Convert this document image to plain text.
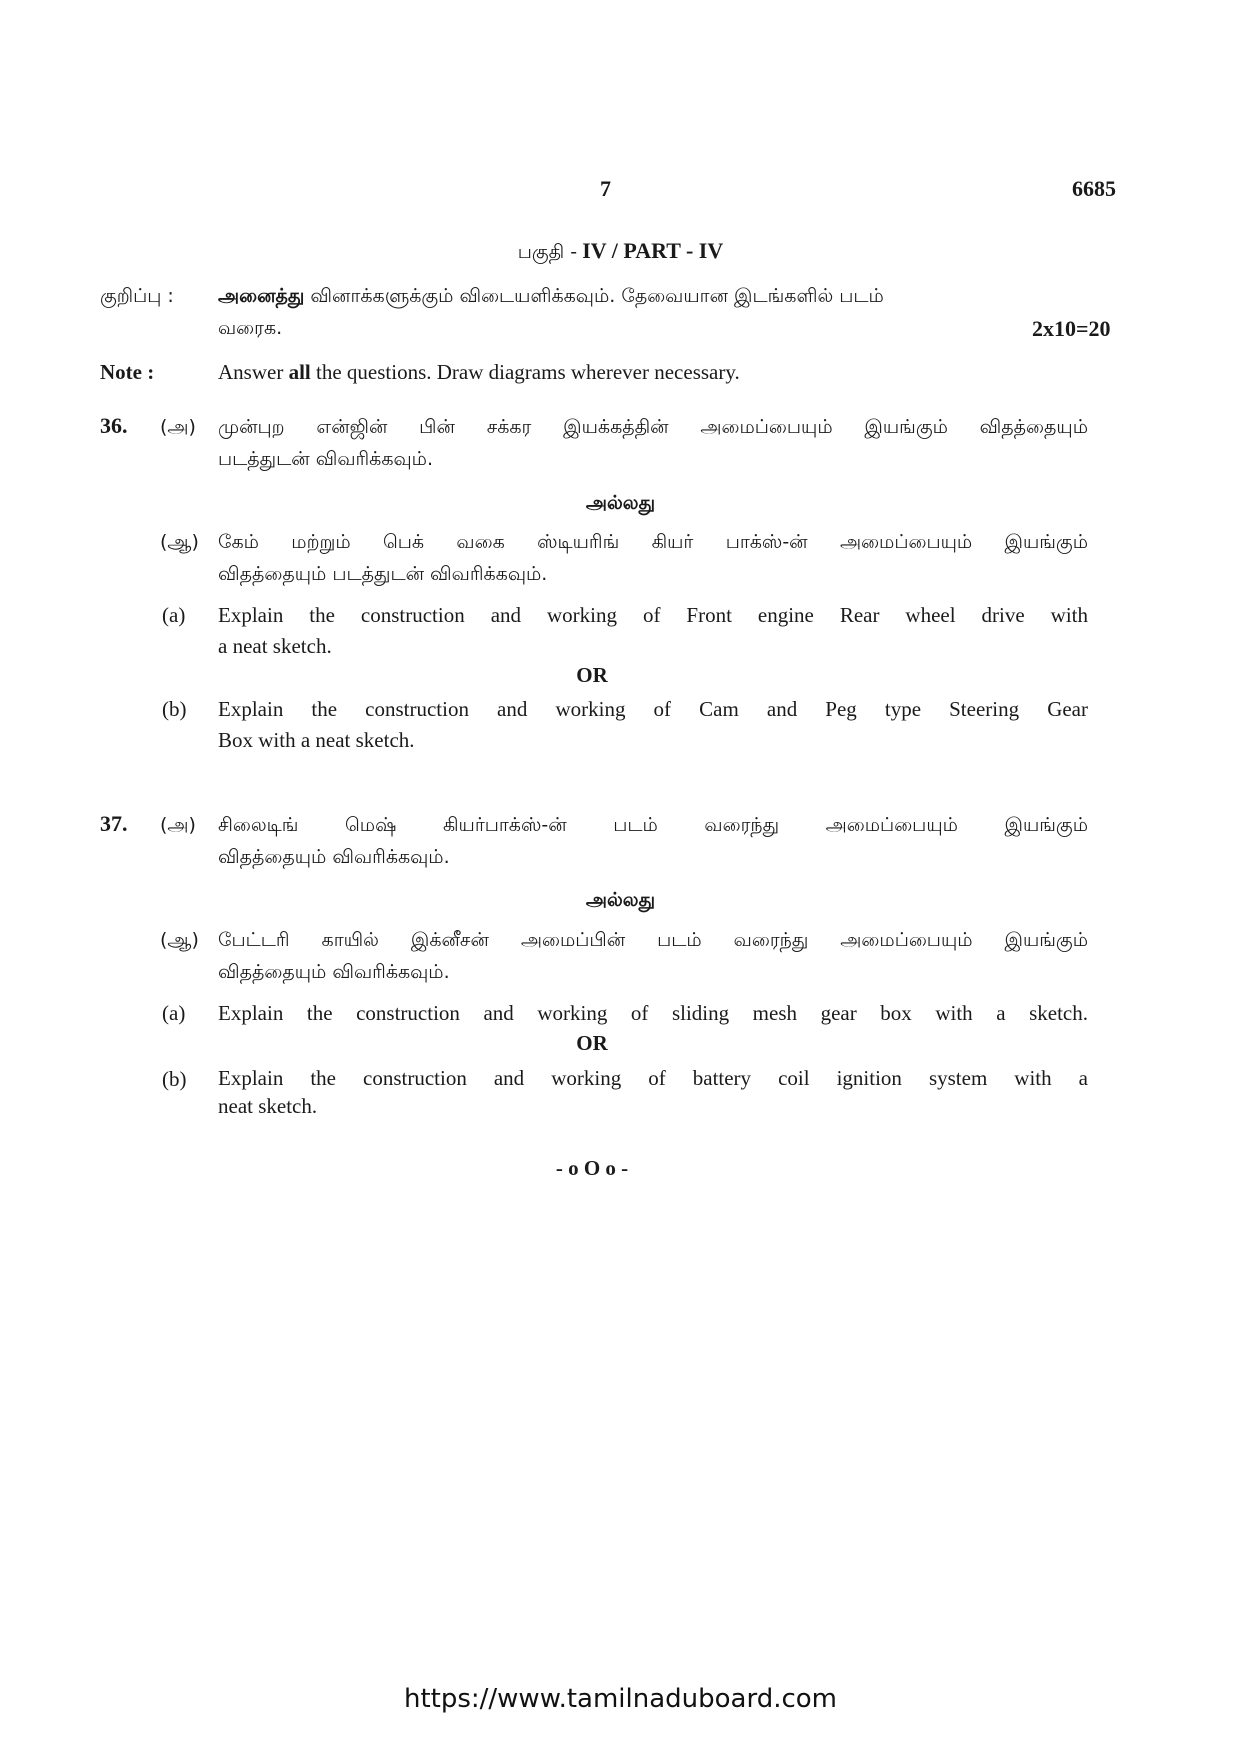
7	6685
பகுதி - IV / PART - IV
குறிப்பு : அனைத்து வினாக்களுக்கும் விடையளிக்கவும். தேவையான இடங்களில் படம்
வரைக.	2x10=20
Note :	Answer all the questions. Draw diagrams wherever necessary.
36. (அ) முன்புற என்ஜின் பின் சக்கர இயக்கத்தின் அமைப்பையும் இயங்கும் விதத்தையும்
படத்துடன் விவரிக்கவும்.
அல்லது
(ஆ) கேம் மற்றும் பெக் வகை ஸ்டியரிங் கியர் பாக்ஸ்-ன் அமைப்பையும் இயங்கும்
விதத்தையும் படத்துடன் விவரிக்கவும்.
(a) Explain the construction and working of Front engine Rear wheel drive with
a neat sketch.
OR
(b) Explain the construction and working of Cam and Peg type Steering Gear
Box with a neat sketch.
37. (அ) சிலைடிங் மெஷ் கியர்பாக்ஸ்-ன் படம் வரைந்து அமைப்பையும் இயங்கும்
விதத்தையும் விவரிக்கவும்.
அல்லது
(ஆ) பேட்டரி காயில் இக்னீசன் அமைப்பின் படம் வரைந்து அமைப்பையும் இயங்கும்
விதத்தையும் விவரிக்கவும்.
(a) Explain the construction and working of sliding mesh gear box with a sketch.
OR
(b) Explain the construction and working of battery coil ignition system with a
neat sketch.
- o O o -
https://www.tamilnaduboard.com
